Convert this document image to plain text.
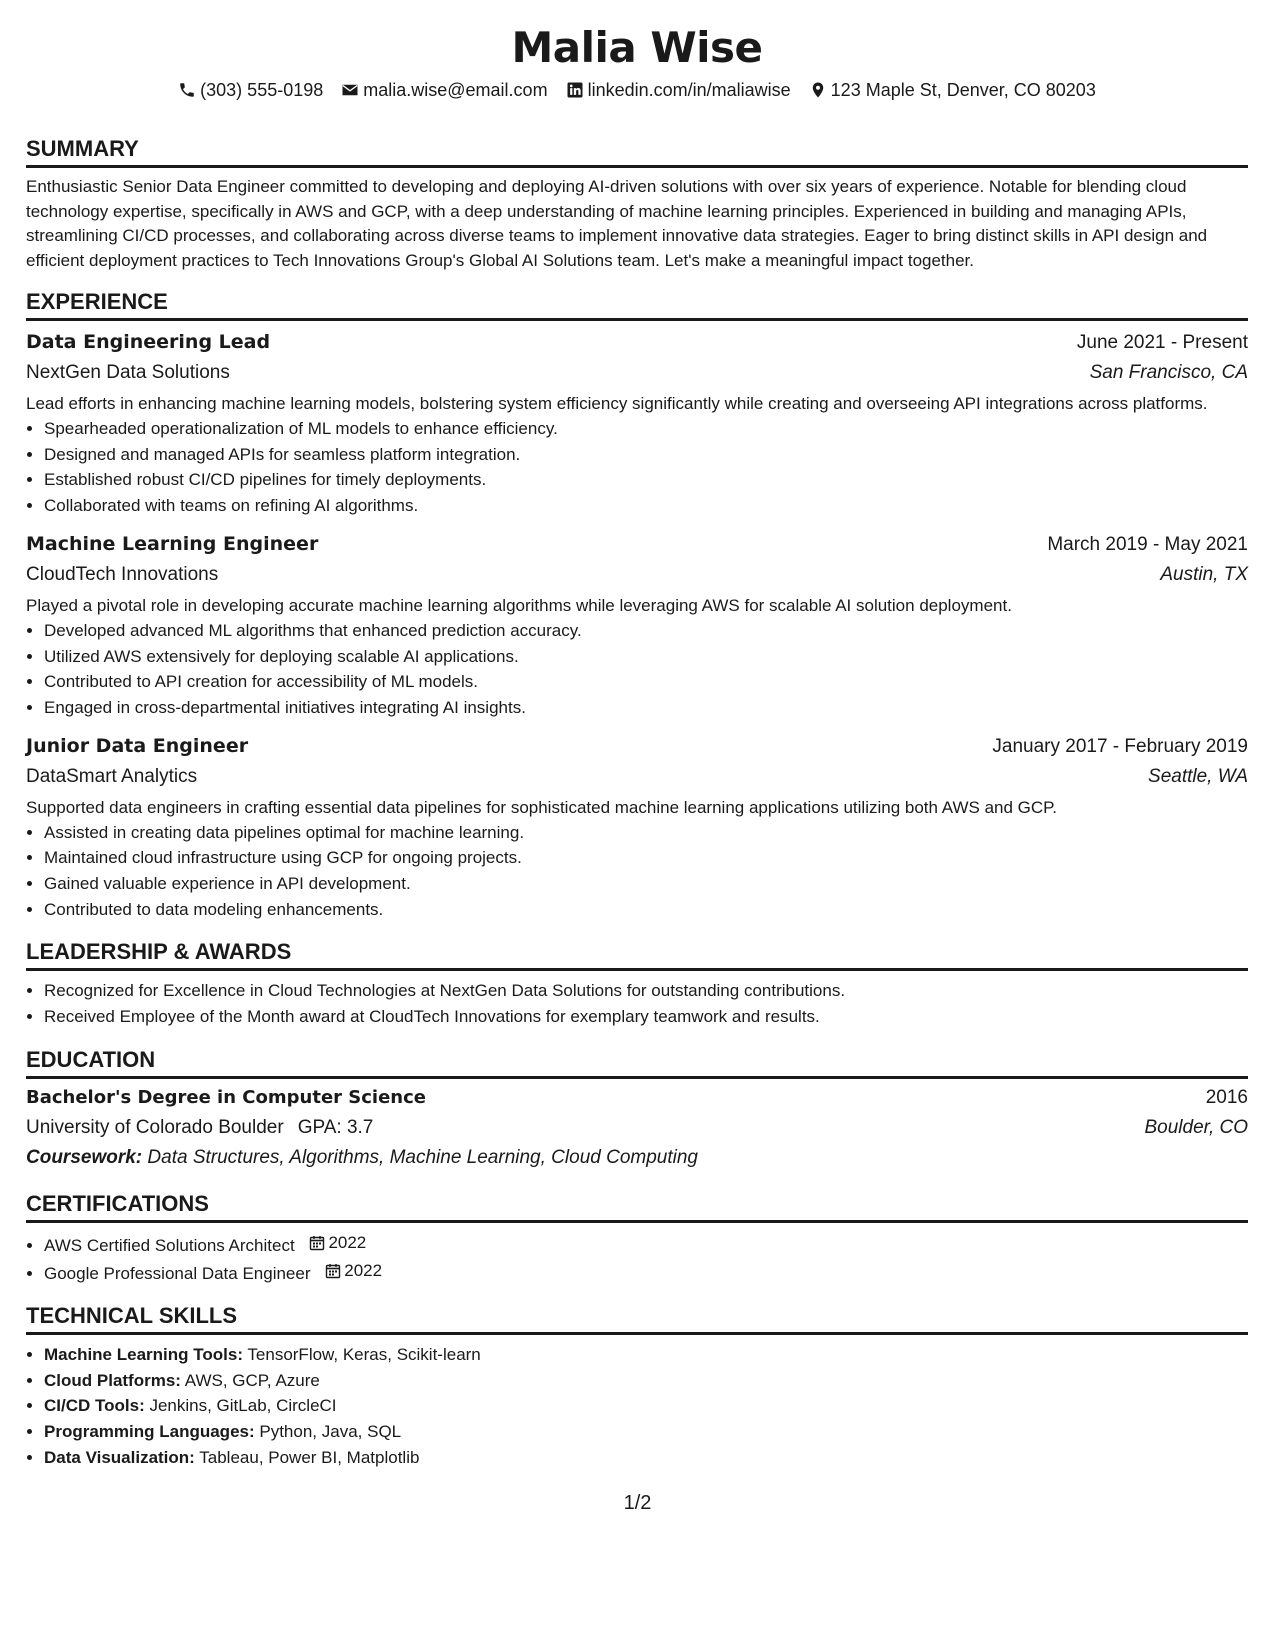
Malia Wise
(303) 555-0198 malia.wise@email.com linkedin.com/in/maliawise 123 Maple St, Denver, CO 80203
SUMMARY
Enthusiastic Senior Data Engineer committed to developing and deploying AI-driven solutions with over six years of experience. Notable for blending cloud technology expertise, specifically in AWS and GCP, with a deep understanding of machine learning principles. Experienced in building and managing APIs, streamlining CI/CD processes, and collaborating across diverse teams to implement innovative data strategies. Eager to bring distinct skills in API design and efficient deployment practices to Tech Innovations Group's Global AI Solutions team. Let's make a meaningful impact together.
EXPERIENCE
Data Engineering Lead	June 2021 - Present
NextGen Data Solutions	San Francisco, CA
Lead efforts in enhancing machine learning models, bolstering system efficiency significantly while creating and overseeing API integrations across platforms.
• Spearheaded operationalization of ML models to enhance efficiency.
• Designed and managed APIs for seamless platform integration.
• Established robust CI/CD pipelines for timely deployments.
• Collaborated with teams on refining AI algorithms.
Machine Learning Engineer	March 2019 - May 2021
CloudTech Innovations	Austin, TX
Played a pivotal role in developing accurate machine learning algorithms while leveraging AWS for scalable AI solution deployment.
• Developed advanced ML algorithms that enhanced prediction accuracy.
• Utilized AWS extensively for deploying scalable AI applications.
• Contributed to API creation for accessibility of ML models.
• Engaged in cross-departmental initiatives integrating AI insights.
Junior Data Engineer	January 2017 - February 2019
DataSmart Analytics	Seattle, WA
Supported data engineers in crafting essential data pipelines for sophisticated machine learning applications utilizing both AWS and GCP.
• Assisted in creating data pipelines optimal for machine learning.
• Maintained cloud infrastructure using GCP for ongoing projects.
• Gained valuable experience in API development.
• Contributed to data modeling enhancements.
LEADERSHIP & AWARDS
• Recognized for Excellence in Cloud Technologies at NextGen Data Solutions for outstanding contributions.
• Received Employee of the Month award at CloudTech Innovations for exemplary teamwork and results.
EDUCATION
Bachelor's Degree in Computer Science	2016
University of Colorado Boulder GPA: 3.7	Boulder, CO
Coursework: Data Structures, Algorithms, Machine Learning, Cloud Computing
CERTIFICATIONS
• AWS Certified Solutions Architect 2022
• Google Professional Data Engineer 2022
TECHNICAL SKILLS
• Machine Learning Tools: TensorFlow, Keras, Scikit-learn
• Cloud Platforms: AWS, GCP, Azure
• CI/CD Tools: Jenkins, GitLab, CircleCI
• Programming Languages: Python, Java, SQL
• Data Visualization: Tableau, Power BI, Matplotlib
1/2
